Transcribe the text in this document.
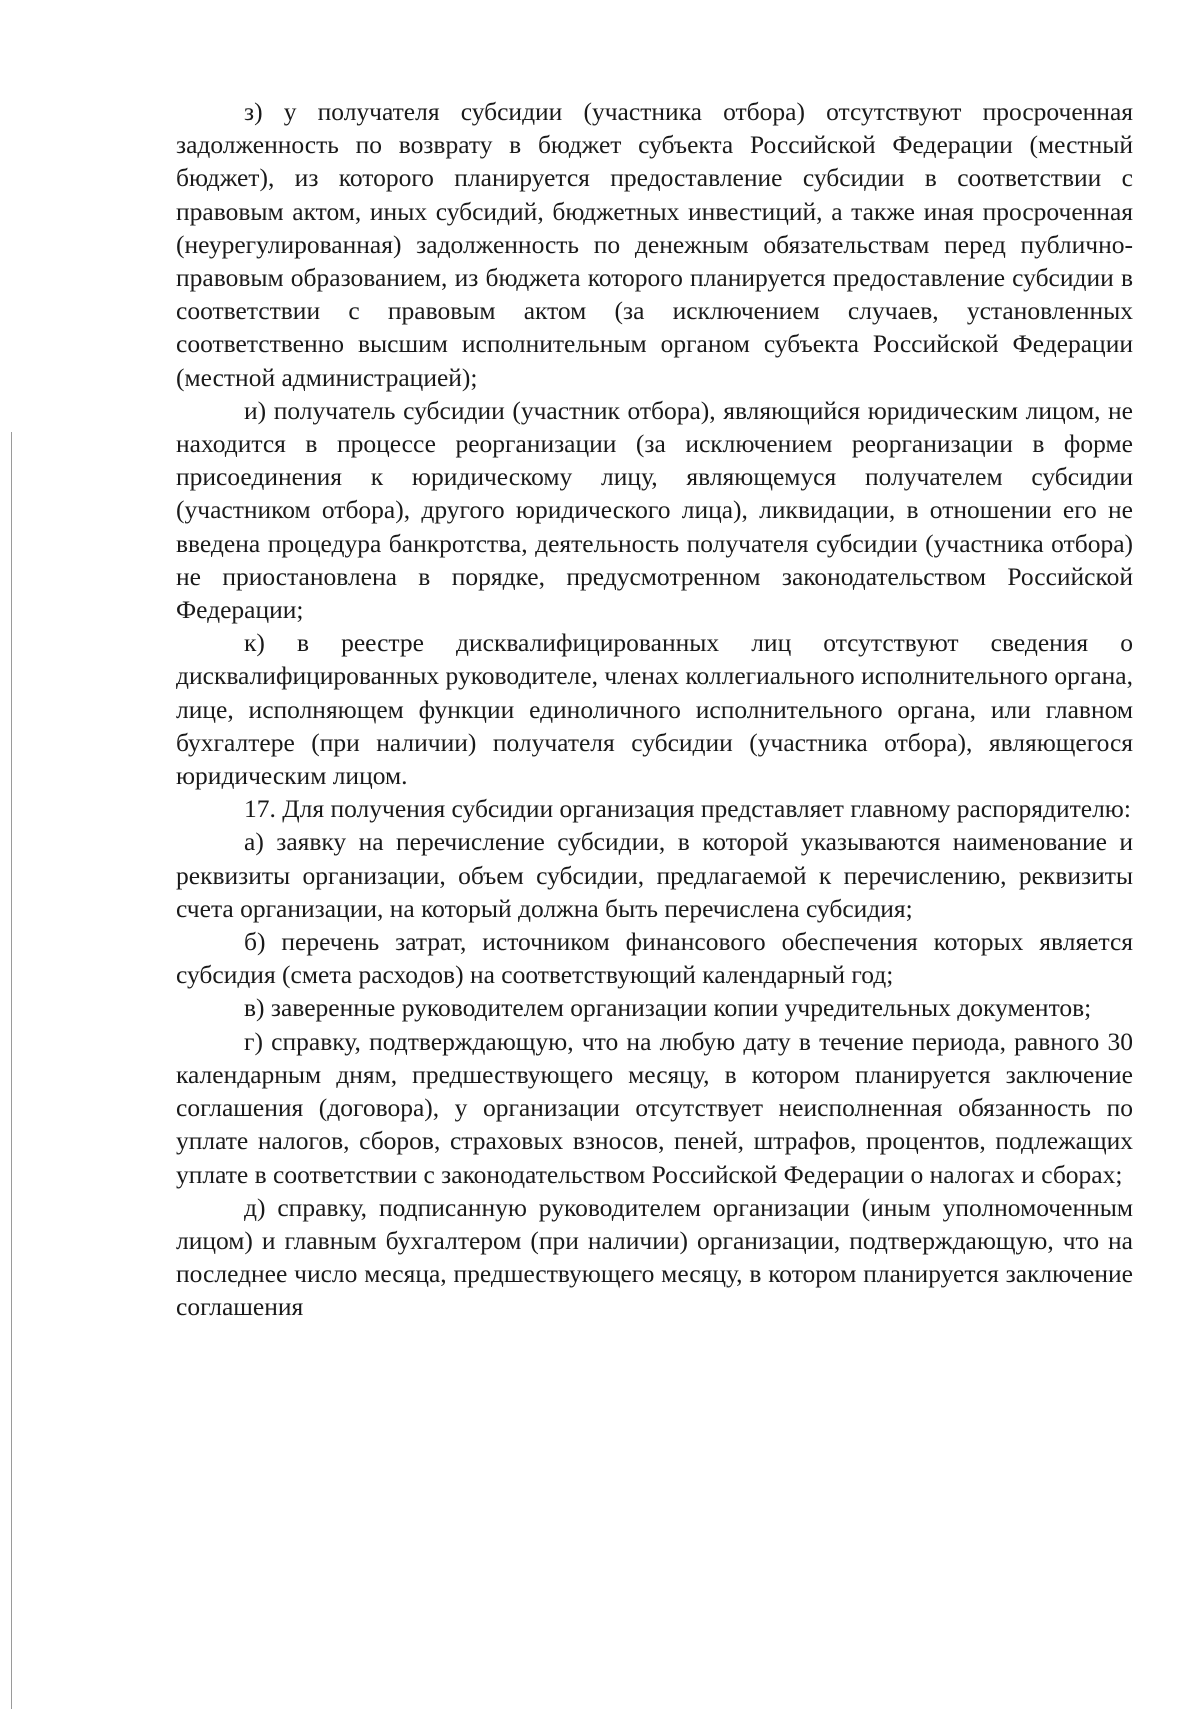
з) у получателя субсидии (участника отбора) отсутствуют просроченная задолженность по возврату в бюджет субъекта Российской Федерации (местный бюджет), из которого планируется предоставление субсидии в соответствии с правовым актом, иных субсидий, бюджетных инвестиций, а также иная просроченная (неурегулированная) задолженность по денежным обязательствам перед публично-правовым образованием, из бюджета которого планируется предоставление субсидии в соответствии с правовым актом (за исключением случаев, установленных соответственно высшим исполнительным органом субъекта Российской Федерации (местной администрацией);

и) получатель субсидии (участник отбора), являющийся юридическим лицом, не находится в процессе реорганизации (за исключением реорганизации в форме присоединения к юридическому лицу, являющемуся получателем субсидии (участником отбора), другого юридического лица), ликвидации, в отношении его не введена процедура банкротства, деятельность получателя субсидии (участника отбора) не приостановлена в порядке, предусмотренном законодательством Российской Федерации;

к) в реестре дисквалифицированных лиц отсутствуют сведения о дисквалифицированных руководителе, членах коллегиального исполнительного органа, лице, исполняющем функции единоличного исполнительного органа, или главном бухгалтере (при наличии) получателя субсидии (участника отбора), являющегося юридическим лицом.

17. Для получения субсидии организация представляет главному распорядителю:

а) заявку на перечисление субсидии, в которой указываются наименование и реквизиты организации, объем субсидии, предлагаемой к перечислению, реквизиты счета организации, на который должна быть перечислена субсидия;

б) перечень затрат, источником финансового обеспечения которых является субсидия (смета расходов) на соответствующий календарный год;

в) заверенные руководителем организации копии учредительных документов;

г) справку, подтверждающую, что на любую дату в течение периода, равного 30 календарным дням, предшествующего месяцу, в котором планируется заключение соглашения (договора), у организации отсутствует неисполненная обязанность по уплате налогов, сборов, страховых взносов, пеней, штрафов, процентов, подлежащих уплате в соответствии с законодательством Российской Федерации о налогах и сборах;

д) справку, подписанную руководителем организации (иным уполномоченным лицом) и главным бухгалтером (при наличии) организации, подтверждающую, что на последнее число месяца, предшествующего месяцу, в котором планируется заключение соглашения
